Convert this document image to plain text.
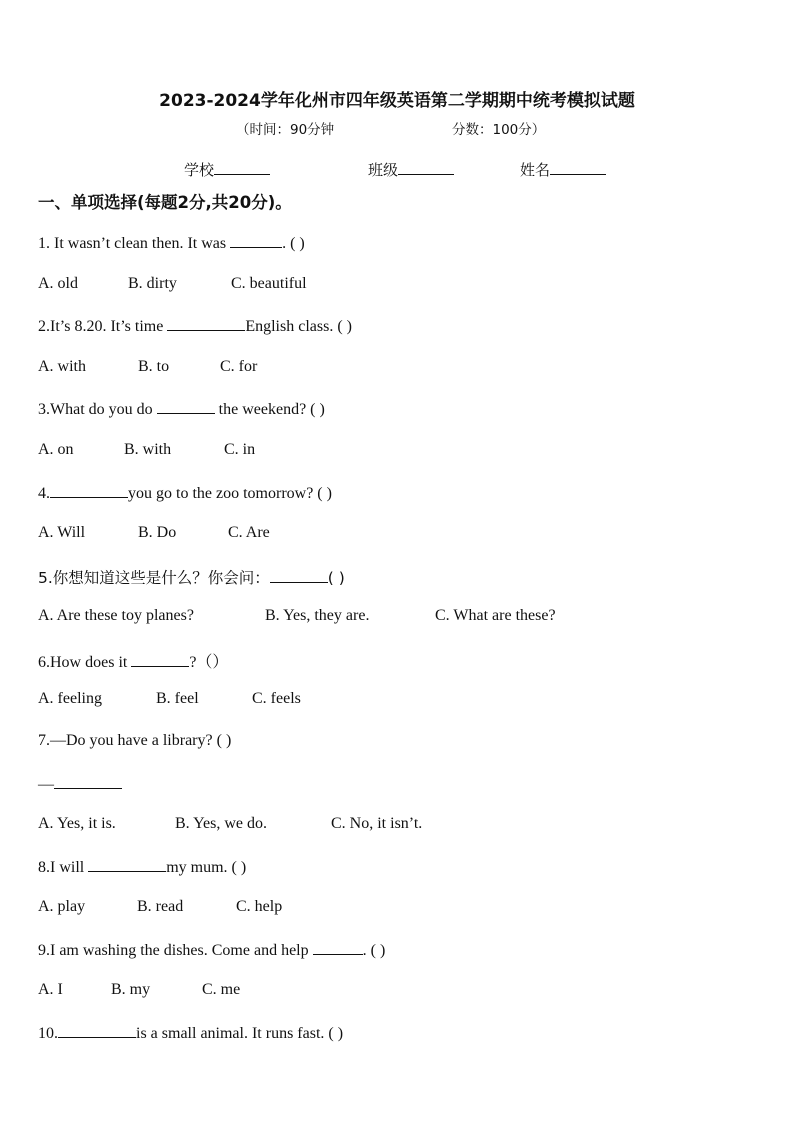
2023-2024学年化州市四年级英语第二学期期中统考模拟试题
（时间：90分钟	分数：100分）
学校	班级	姓名
一、单项选择(每题2分,共20分)。
1. It wasn’t clean then. It was	. ( )
A. old	B. dirty	C. beautiful
2.It’s 8.20. It’s time	English class. ( )
A. with	B. to	C. for
3.What do you do	the weekend? ( )
A. on	B. with	C. in
4.	you go to the zoo tomorrow? ( )
A. Will	B. Do	C. Are
5.你想知道这些是什么？你会问：	( )
A. Are these toy planes?	B. Yes, they are.	C. What are these?
6.How does it	?（）
A. feeling	B. feel	C. feels
7.—Do you have a library? ( )
—
A. Yes, it is.	B. Yes, we do.	C. No, it isn’t.
8.I will	my mum. ( )
A. play	B. read	C. help
9.I am washing the dishes. Come and help	. ( )
A. I	B. my	C. me
10.	is a small animal. It runs fast. ( )
